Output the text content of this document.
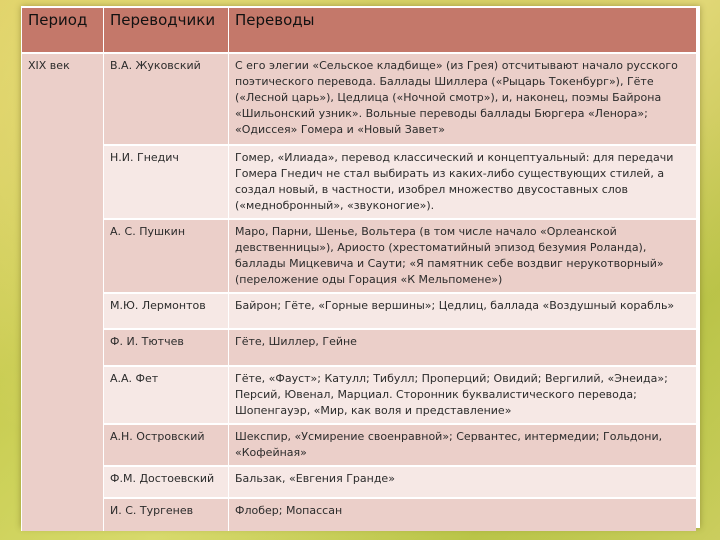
Период	Переводчики	Переводы
XIX век	В.А. Жуковский	С его элегии «Сельское кладбище» (из Грея) отсчитывают начало русского поэтического перевода. Баллады Шиллера («Рыцарь Токенбург»), Гёте («Лесной царь»), Цедлица («Ночной смотр»), и, наконец, поэмы Байрона «Шильонский узник». Вольные переводы баллады Бюргера «Ленора»; «Одиссея» Гомера и «Новый Завет»
	Н.И. Гнедич	Гомер, «Илиада», перевод классический и концептуальный: для передачи Гомера Гнедич не стал выбирать из каких-либо существующих стилей, а создал новый, в частности, изобрел множество двусоставных слов («меднобронный», «звуконогие»).
	А. С. Пушкин	Маро, Парни, Шенье, Вольтера (в том числе начало «Орлеанской девственницы»), Ариосто (хрестоматийный эпизод безумия Роланда), баллады Мицкевича и Саути; «Я памятник себе воздвиг нерукотворный» (переложение оды Горация «К Мельпомене»)
	М.Ю. Лермонтов	Байрон; Гёте, «Горные вершины»; Цедлиц, баллада «Воздушный корабль»
	Ф. И. Тютчев	Гёте, Шиллер, Гейне
	А.А. Фет	Гёте, «Фауст»; Катулл; Тибулл; Проперций; Овидий; Вергилий, «Энеида»; Персий, Ювенал, Марциал. Сторонник буквалистического перевода; Шопенгауэр, «Мир, как воля и представление»
	А.Н. Островский	Шекспир, «Усмирение своенравной»; Сервантес, интермедии; Гольдони, «Кофейная»
	Ф.М. Достоевский	Бальзак, «Евгения Гранде»
	И. С. Тургенев	Флобер; Мопассан
